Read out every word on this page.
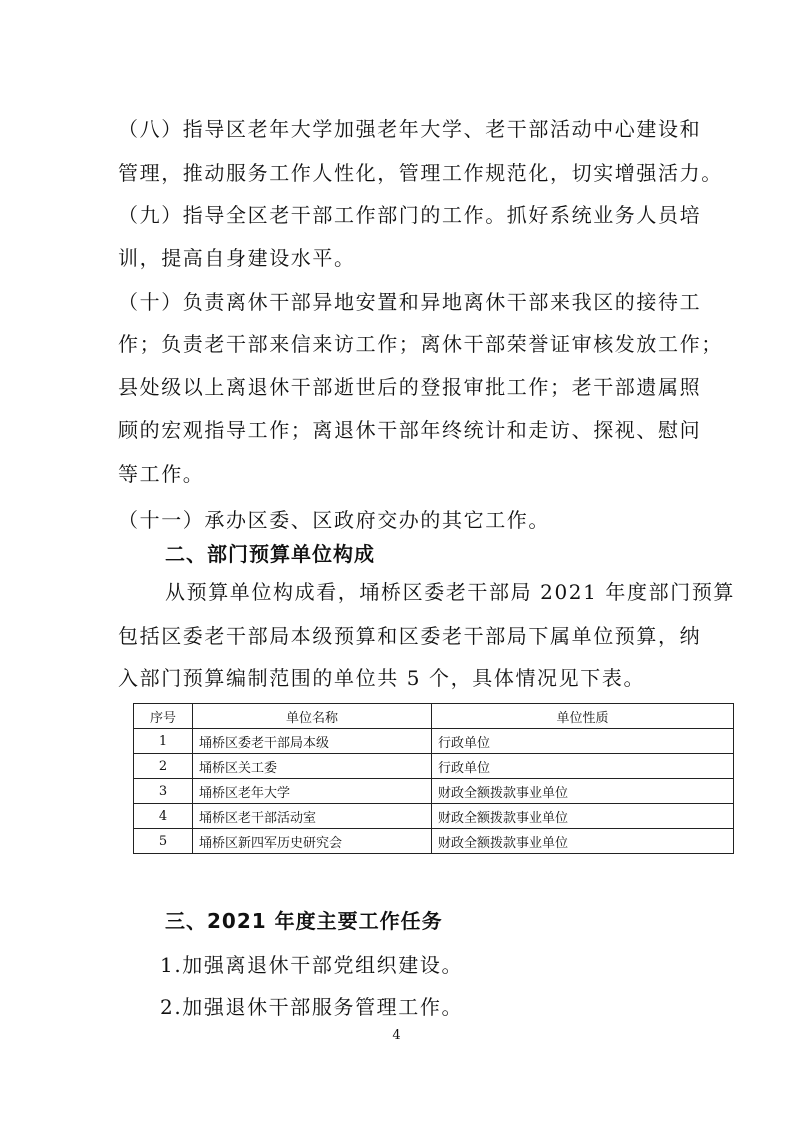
（八）指导区老年大学加强老年大学、老干部活动中心建设和
管理，推动服务工作人性化，管理工作规范化，切实增强活力。
（九）指导全区老干部工作部门的工作。抓好系统业务人员培
训，提高自身建设水平。
（十）负责离休干部异地安置和异地离休干部来我区的接待工
作；负责老干部来信来访工作；离休干部荣誉证审核发放工作；
县处级以上离退休干部逝世后的登报审批工作；老干部遗属照
顾的宏观指导工作；离退休干部年终统计和走访、探视、慰问
等工作。
（十一）承办区委、区政府交办的其它工作。
二、部门预算单位构成
从预算单位构成看，埇桥区委老干部局 2021 年度部门预算
包括区委老干部局本级预算和区委老干部局下属单位预算，纳
入部门预算编制范围的单位共 5 个，具体情况见下表。
序号	单位名称	单位性质
1	埇桥区委老干部局本级	行政单位
2	埇桥区关工委	行政单位
3	埇桥区老年大学	财政全额拨款事业单位
4	埇桥区老干部活动室	财政全额拨款事业单位
5	埇桥区新四军历史研究会	财政全额拨款事业单位
三、2021 年度主要工作任务
1.加强离退休干部党组织建设。
2.加强退休干部服务管理工作。
4
